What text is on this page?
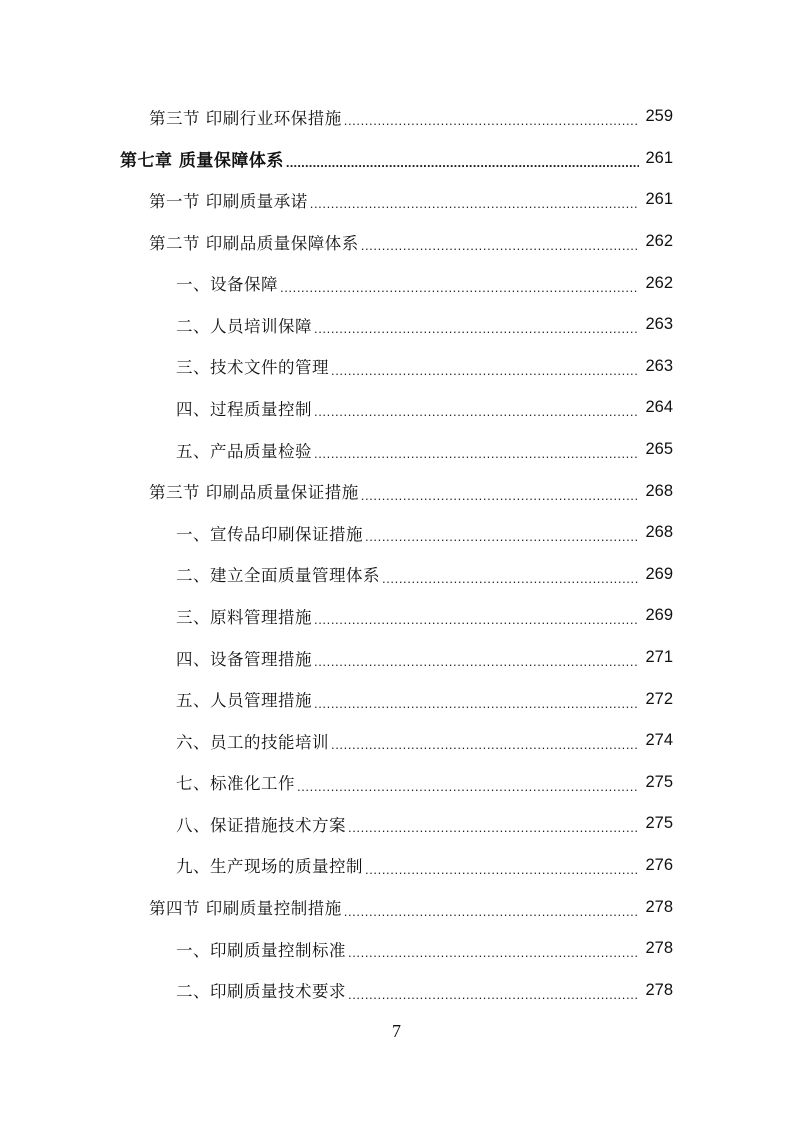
第三节 印刷行业环保措施 .....	259
第七章 质量保障体系 .....	261
第一节 印刷质量承诺 .....	261
第二节 印刷品质量保障体系 .....	262
一、设备保障 .....	262
二、人员培训保障 .....	263
三、技术文件的管理 .....	263
四、过程质量控制 .....	264
五、产品质量检验 .....	265
第三节 印刷品质量保证措施 .....	268
一、宣传品印刷保证措施 .....	268
二、建立全面质量管理体系 .....	269
三、原料管理措施 .....	269
四、设备管理措施 .....	271
五、人员管理措施 .....	272
六、员工的技能培训 .....	274
七、标准化工作 .....	275
八、保证措施技术方案 .....	275
九、生产现场的质量控制 .....	276
第四节 印刷质量控制措施 .....	278
一、印刷质量控制标准 .....	278
二、印刷质量技术要求 .....	278
7
